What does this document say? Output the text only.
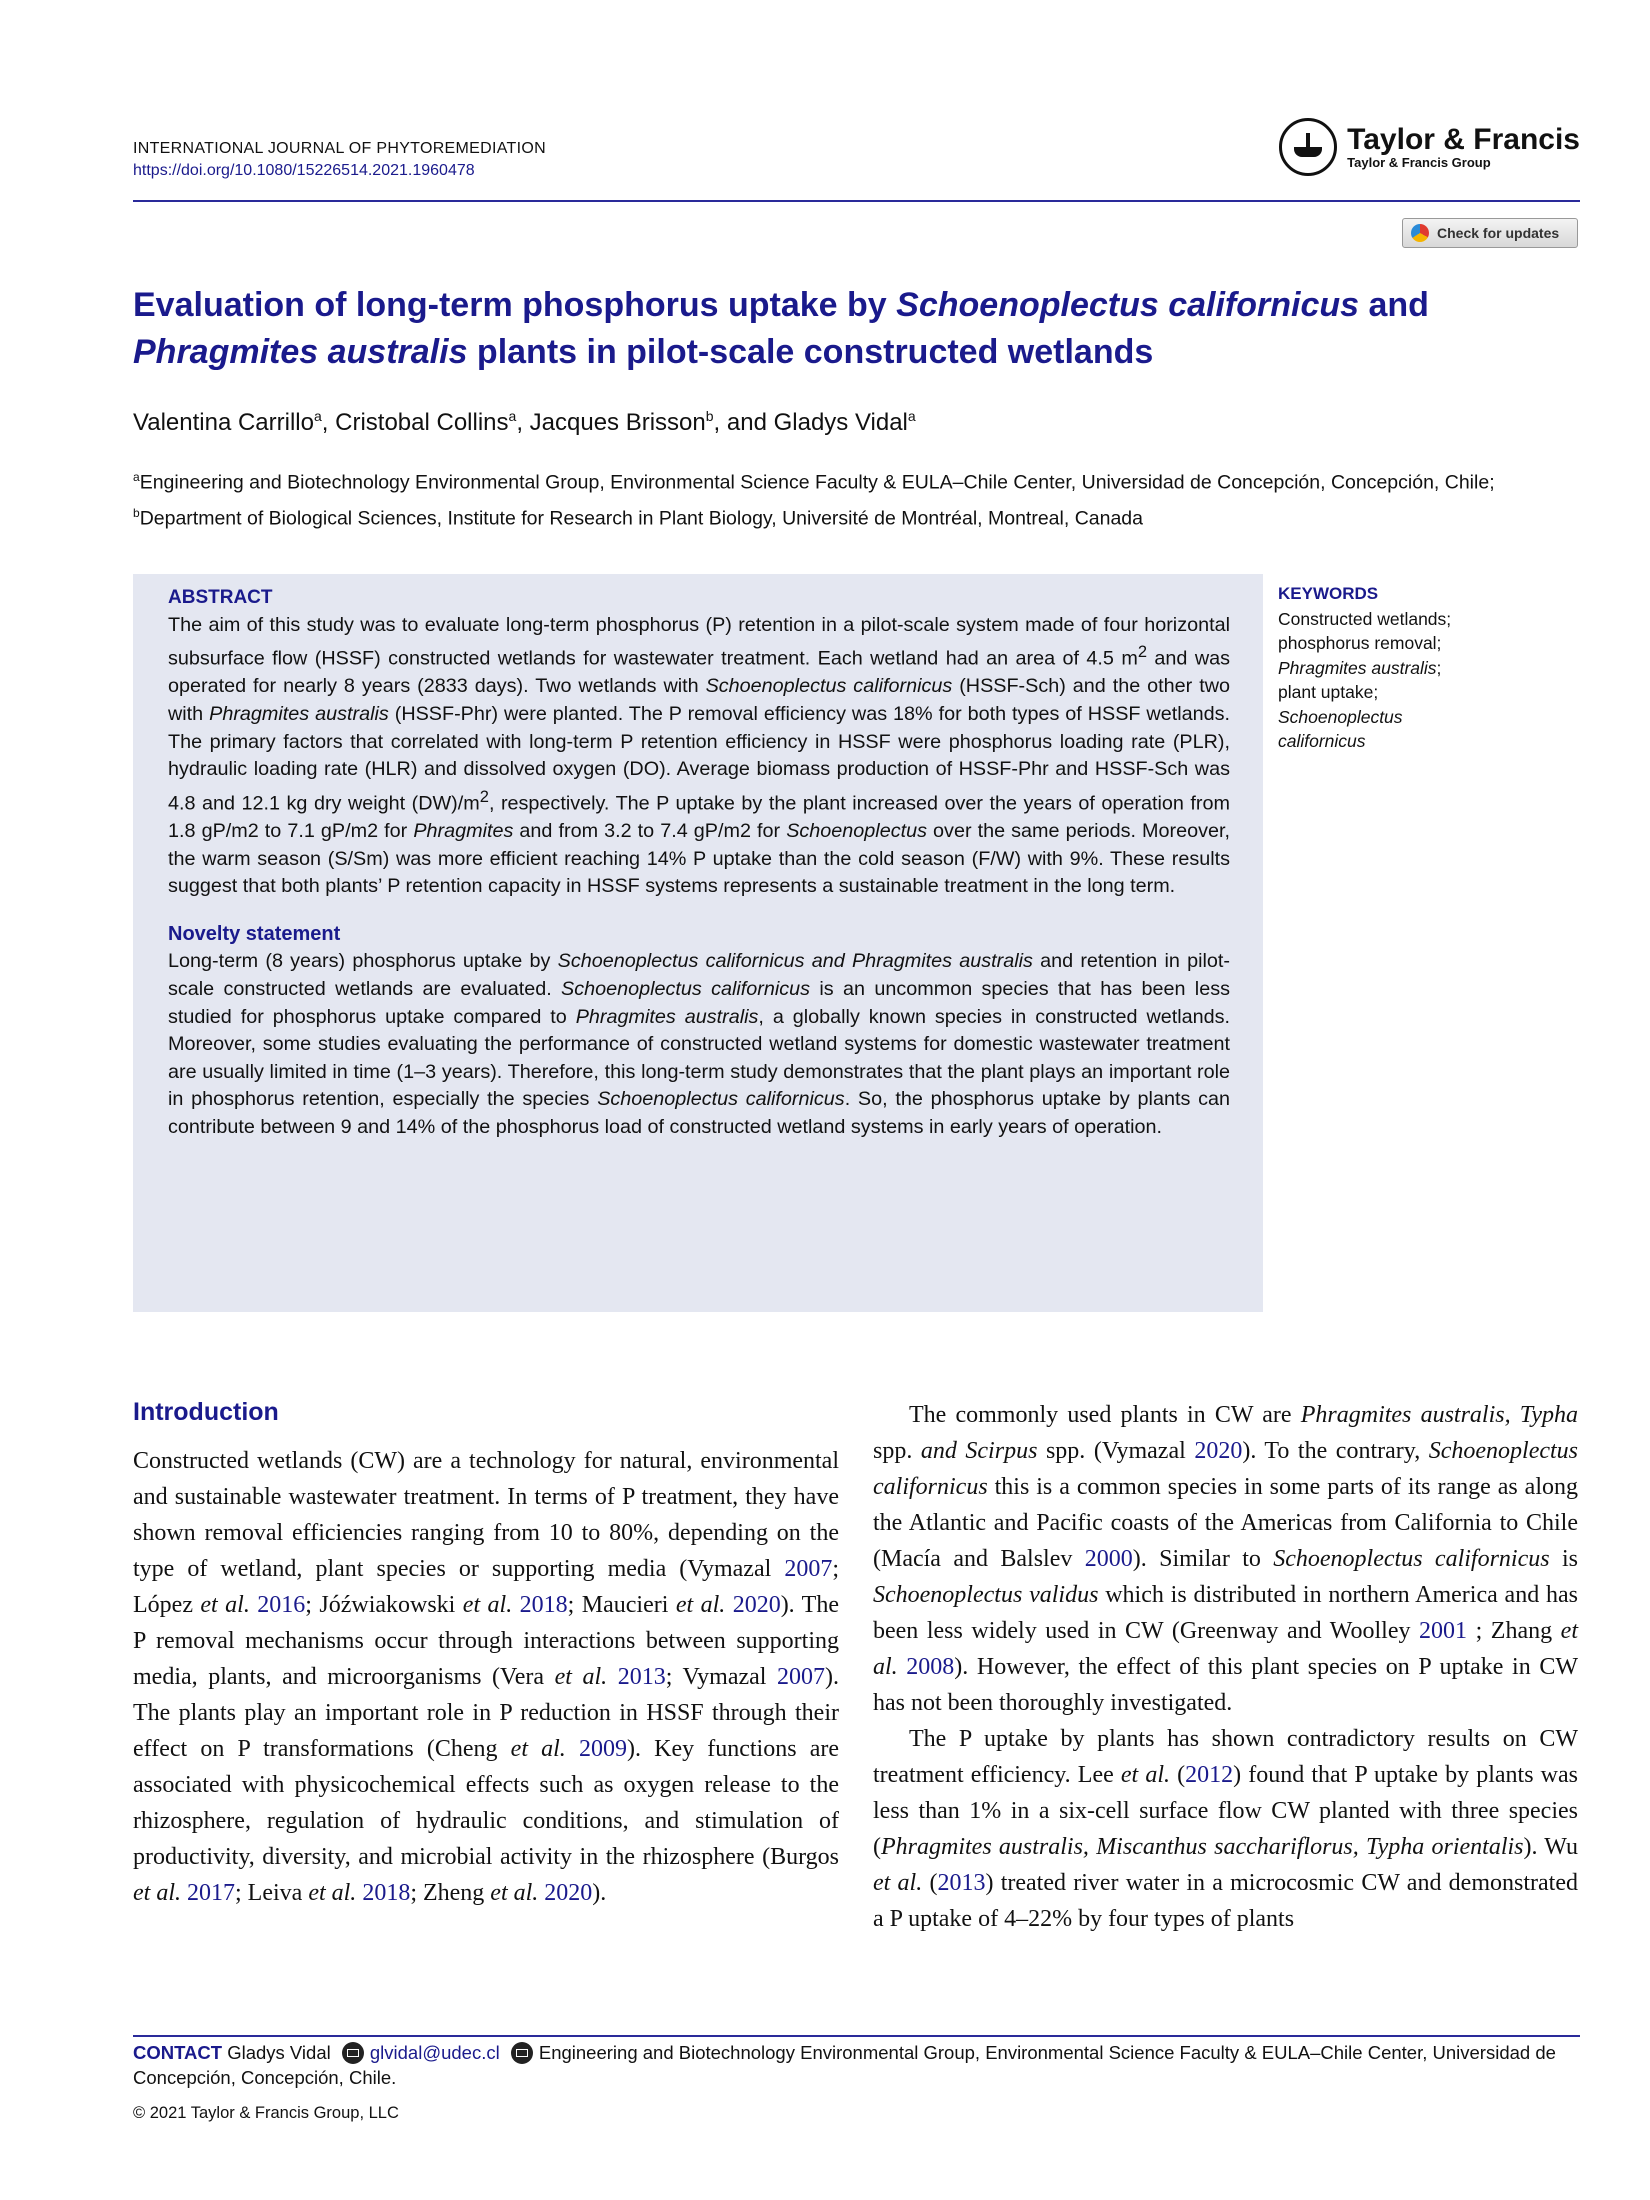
INTERNATIONAL JOURNAL OF PHYTOREMEDIATION
https://doi.org/10.1080/15226514.2021.1960478
Taylor & Francis
Taylor & Francis Group
Check for updates
Evaluation of long-term phosphorus uptake by Schoenoplectus californicus and Phragmites australis plants in pilot-scale constructed wetlands
Valentina Carrillo$^a$, Cristobal Collins$^a$, Jacques Brisson$^b$, and Gladys Vidal$^a$
$^a$Engineering and Biotechnology Environmental Group, Environmental Science Faculty & EULA–Chile Center, Universidad de Concepción, Concepción, Chile; $^b$Department of Biological Sciences, Institute for Research in Plant Biology, Université de Montréal, Montreal, Canada
ABSTRACT
The aim of this study was to evaluate long-term phosphorus (P) retention in a pilot-scale system made of four horizontal subsurface flow (HSSF) constructed wetlands for wastewater treatment. Each wetland had an area of 4.5 $m^2$ and was operated for nearly 8 years (2833 days). Two wetlands with Schoenoplectus californicus (HSSF-Sch) and the other two with Phragmites australis (HSSF-Phr) were planted. The P removal efficiency was 18% for both types of HSSF wetlands. The primary factors that correlated with long-term P retention efficiency in HSSF were phosphorus loading rate (PLR), hydraulic loading rate (HLR) and dissolved oxygen (DO). Average biomass production of HSSF-Phr and HSSF-Sch was 4.8 and 12.1 kg dry weight $(DW)/m^2$, respectively. The P uptake by the plant increased over the years of operation from 1.8 gP/m2 to 7.1 gP/m2 for Phragmites and from 3.2 to 7.4 gP/m2 for Schoenoplectus over the same periods. Moreover, the warm season (S/Sm) was more efficient reaching 14% P uptake than the cold season (F/W) with 9%. These results suggest that both plants’ P retention capacity in HSSF systems represents a sustainable treatment in the long term.
Novelty statement
Long-term (8 years) phosphorus uptake by Schoenoplectus californicus and Phragmites australis and retention in pilot-scale constructed wetlands are evaluated. Schoenoplectus californicus is an uncommon species that has been less studied for phosphorus uptake compared to Phragmites australis, a globally known species in constructed wetlands. Moreover, some studies evaluating the performance of constructed wetland systems for domestic wastewater treatment are usually limited in time (1–3 years). Therefore, this long-term study demonstrates that the plant plays an important role in phosphorus retention, especially the species Schoenoplectus californicus. So, the phosphorus uptake by plants can contribute between 9 and 14% of the phosphorus load of constructed wetland systems in early years of operation.
KEYWORDS
Constructed wetlands; phosphorus removal; Phragmites australis; plant uptake; Schoenoplectus californicus
Introduction

Constructed wetlands (CW) are a technology for natural, environmental and sustainable wastewater treatment. In terms of P treatment, they have shown removal efficiencies ranging from 10 to 80%, depending on the type of wetland, plant species or supporting media (Vymazal 2007; López et al. 2016; Jóźwiakowski et al. 2018; Maucieri et al. 2020). The P removal mechanisms occur through interactions between supporting media, plants, and microorganisms (Vera et al. 2013; Vymazal 2007). The plants play an important role in P reduction in HSSF through their effect on P transformations (Cheng et al. 2009). Key functions are associated with physicochemical effects such as oxygen release to the rhizosphere, regulation of hydraulic conditions, and stimulation of productivity, diversity, and microbial activity in the rhizosphere (Burgos et al. 2017; Leiva et al. 2018; Zheng et al. 2020).

The commonly used plants in CW are Phragmites australis, Typha spp. and Scirpus spp. (Vymazal 2020). To the contrary, Schoenoplectus californicus this is a common species in some parts of its range as along the Atlantic and Pacific coasts of the Americas from California to Chile (Macía and Balslev 2000). Similar to Schoenoplectus californicus is Schoenoplectus validus which is distributed in northern America and has been less widely used in CW (Greenway and Woolley 2001 ; Zhang et al. 2008). However, the effect of this plant species on P uptake in CW has not been thoroughly investigated.

The P uptake by plants has shown contradictory results on CW treatment efficiency. Lee et al. (2012) found that P uptake by plants was less than 1% in a six-cell surface flow CW planted with three species (Phragmites australis, Miscanthus sacchariflorus, Typha orientalis). Wu et al. (2013) treated river water in a microcosmic CW and demonstrated a P uptake of 4–22% by four types of plants

CONTACT Gladys Vidal glvidal@udec.cl Engineering and Biotechnology Environmental Group, Environmental Science Faculty & EULA–Chile Center, Universidad de Concepción, Concepción, Chile.
© 2021 Taylor & Francis Group, LLC
